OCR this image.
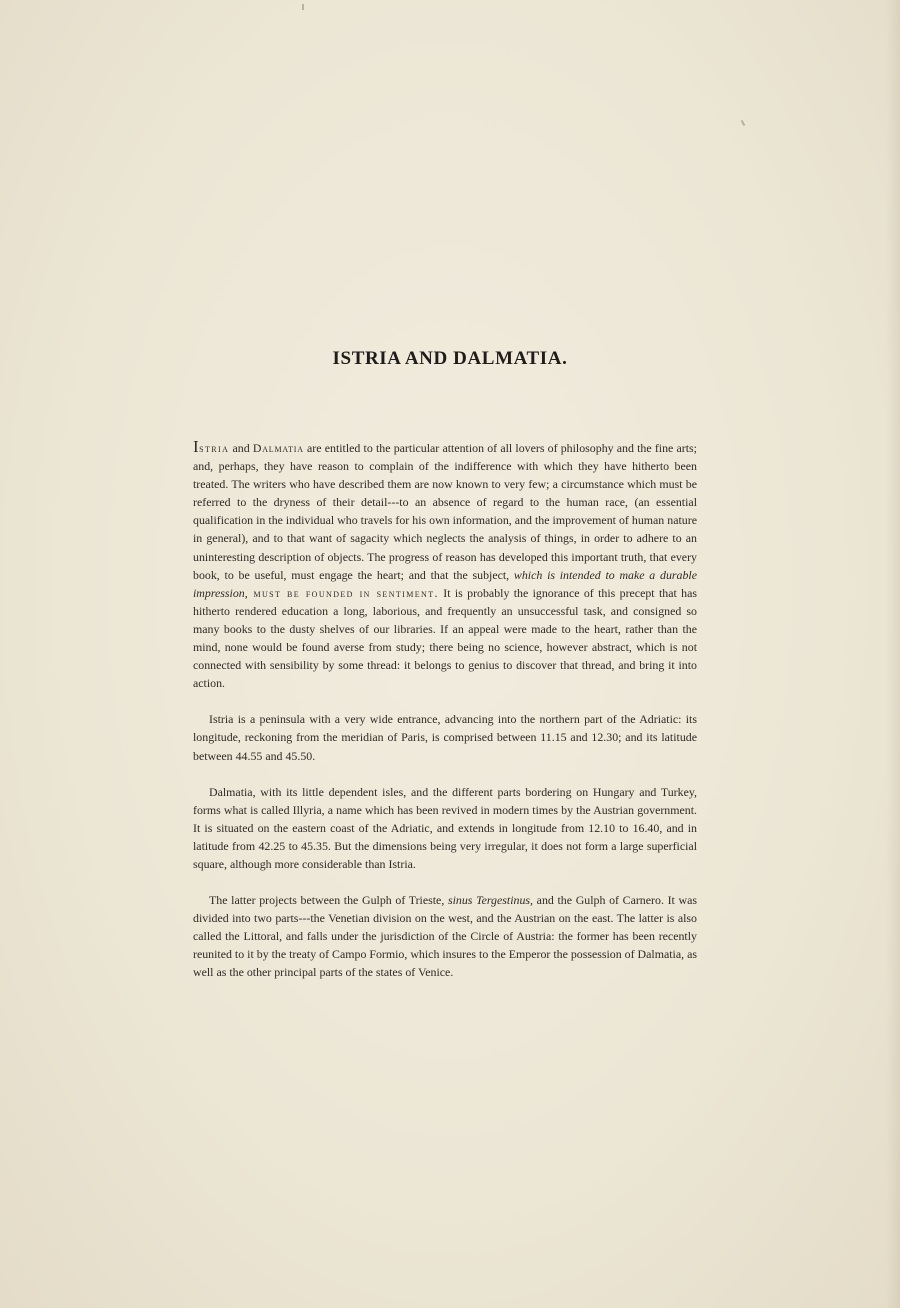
ISTRIA AND DALMATIA.

Istria and Dalmatia are entitled to the particular attention of all lovers of philosophy and the fine arts; and, perhaps, they have reason to complain of the indifference with which they have hitherto been treated. The writers who have described them are now known to very few; a circumstance which must be referred to the dryness of their detail---to an absence of regard to the human race, (an essential qualification in the individual who travels for his own information, and the improvement of human nature in general), and to that want of sagacity which neglects the analysis of things, in order to adhere to an uninteresting description of objects. The progress of reason has developed this important truth, that every book, to be useful, must engage the heart; and that the subject, which is intended to make a durable impression, must be founded in sentiment. It is probably the ignorance of this precept that has hitherto rendered education a long, laborious, and frequently an unsuccessful task, and consigned so many books to the dusty shelves of our libraries. If an appeal were made to the heart, rather than the mind, none would be found averse from study; there being no science, however abstract, which is not connected with sensibility by some thread: it belongs to genius to discover that thread, and bring it into action.

Istria is a peninsula with a very wide entrance, advancing into the northern part of the Adriatic: its longitude, reckoning from the meridian of Paris, is comprised between 11.15 and 12.30; and its latitude between 44.55 and 45.50.

Dalmatia, with its little dependent isles, and the different parts bordering on Hungary and Turkey, forms what is called Illyria, a name which has been revived in modern times by the Austrian government. It is situated on the eastern coast of the Adriatic, and extends in longitude from 12.10 to 16.40, and in latitude from 42.25 to 45.35. But the dimensions being very irregular, it does not form a large superficial square, although more considerable than Istria.

The latter projects between the Gulph of Trieste, sinus Tergestinus, and the Gulph of Carnero. It was divided into two parts---the Venetian division on the west, and the Austrian on the east. The latter is also called the Littoral, and falls under the jurisdiction of the Circle of Austria: the former has been recently reunited to it by the treaty of Campo Formio, which insures to the Emperor the possession of Dalmatia, as well as the other principal parts of the states of Venice.
